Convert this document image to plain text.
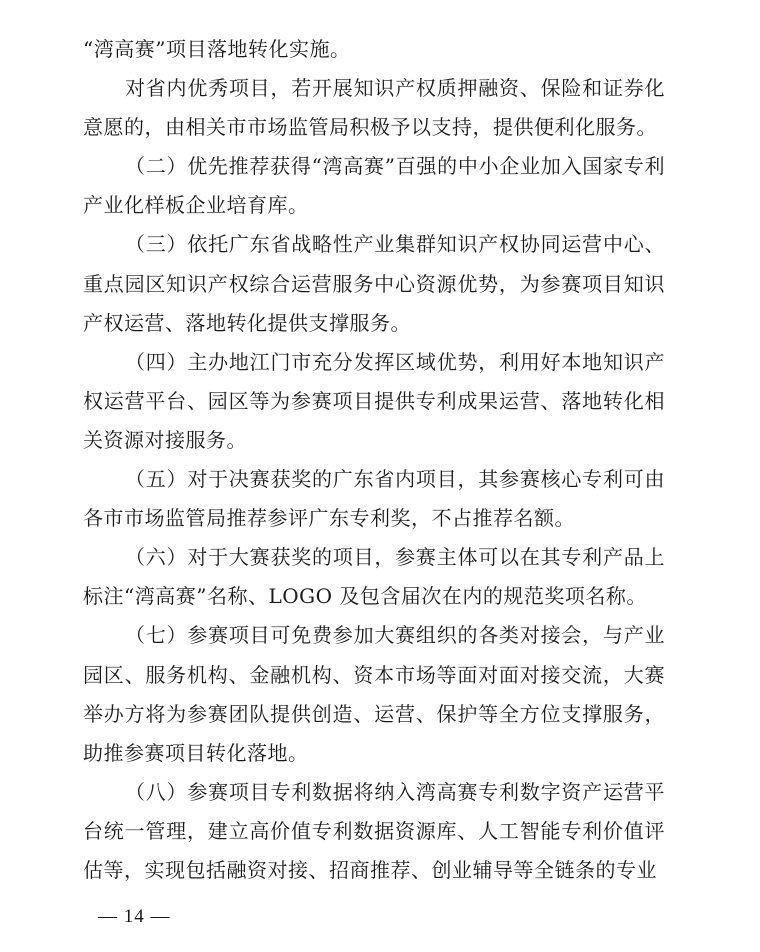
“湾高赛”项目落地转化实施。

对省内优秀项目，若开展知识产权质押融资、保险和证券化意愿的，由相关市市场监管局积极予以支持，提供便利化服务。

（二）优先推荐获得“湾高赛”百强的中小企业加入国家专利产业化样板企业培育库。

（三）依托广东省战略性产业集群知识产权协同运营中心、重点园区知识产权综合运营服务中心资源优势，为参赛项目知识产权运营、落地转化提供支撑服务。

（四）主办地江门市充分发挥区域优势，利用好本地知识产权运营平台、园区等为参赛项目提供专利成果运营、落地转化相关资源对接服务。

（五）对于决赛获奖的广东省内项目，其参赛核心专利可由各市市场监管局推荐参评广东专利奖，不占推荐名额。

（六）对于大赛获奖的项目，参赛主体可以在其专利产品上标注“湾高赛”名称、LOGO 及包含届次在内的规范奖项名称。

（七）参赛项目可免费参加大赛组织的各类对接会，与产业园区、服务机构、金融机构、资本市场等面对面对接交流，大赛举办方将为参赛团队提供创造、运营、保护等全方位支撑服务，助推参赛项目转化落地。

（八）参赛项目专利数据将纳入湾高赛专利数字资产运营平台统一管理，建立高价值专利数据资源库、人工智能专利价值评估等，实现包括融资对接、招商推荐、创业辅导等全链条的专业

— 14 —
